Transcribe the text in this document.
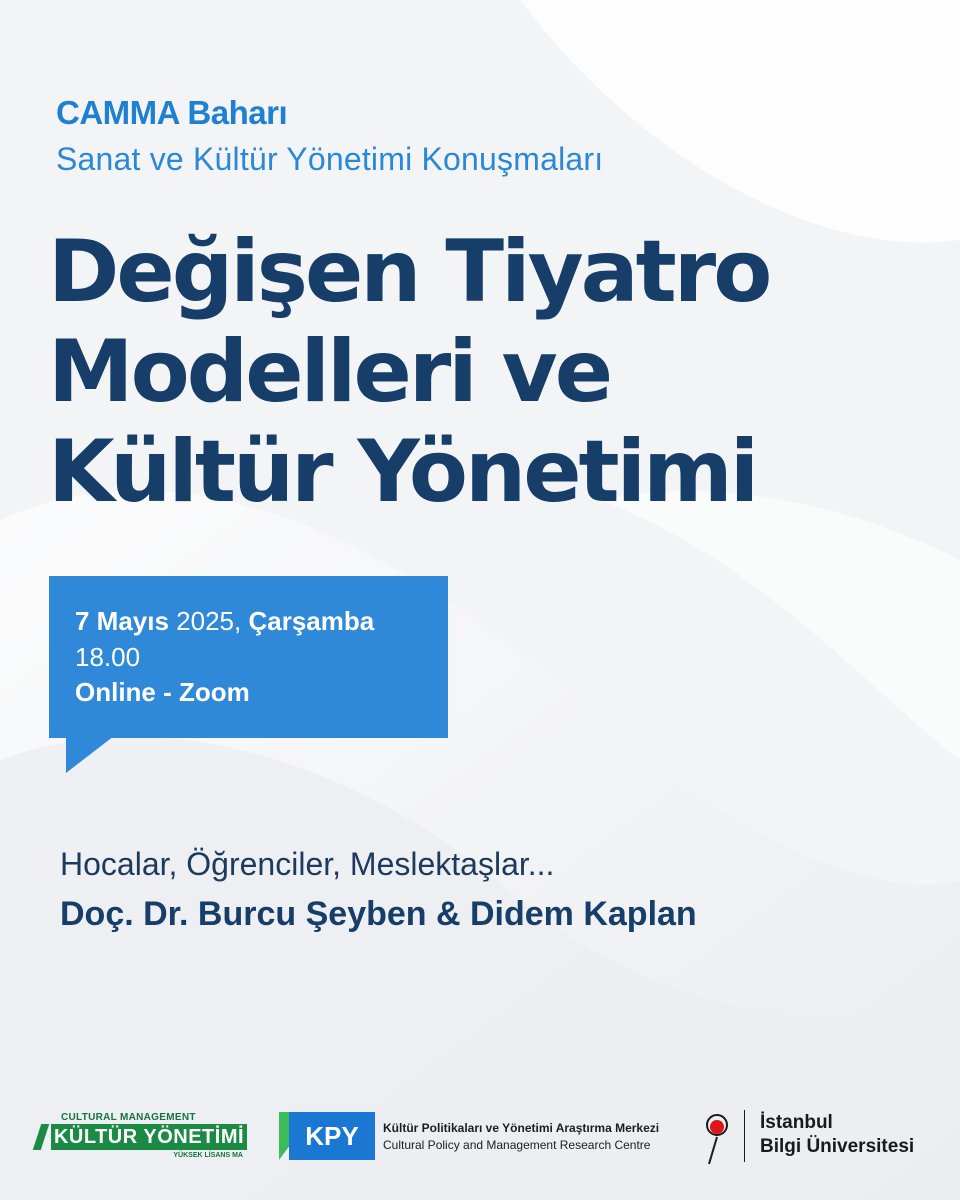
CAMMA Baharı
Sanat ve Kültür Yönetimi Konuşmaları
Değişen Tiyatro
Modelleri ve
Kültür Yönetimi
7 Mayıs 2025, Çarşamba
18.00
Online - Zoom
Hocalar, Öğrenciler, Meslektaşlar...
Doç. Dr. Burcu Şeyben & Didem Kaplan
CULTURAL MANAGEMENT
KÜLTÜR YÖNETİMİ
YÜKSEK LİSANS MA
KPY	Kültür Politikaları ve Yönetimi Araştırma Merkezi
Cultural Policy and Management Research Centre
İstanbul
Bilgi Üniversitesi
